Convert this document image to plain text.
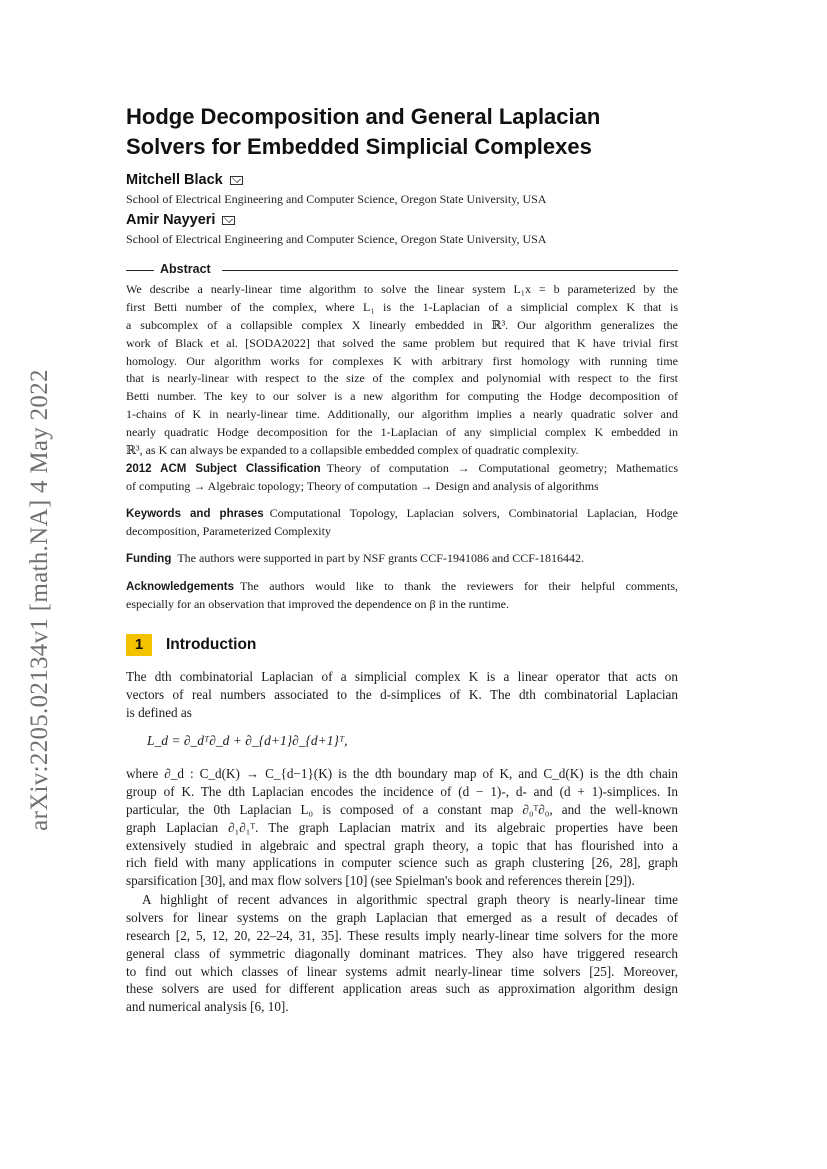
arXiv:2205.02134v1 [math.NA] 4 May 2022
Hodge Decomposition and General Laplacian
Solvers for Embedded Simplicial Complexes
Mitchell Black
School of Electrical Engineering and Computer Science, Oregon State University, USA
Amir Nayyeri
School of Electrical Engineering and Computer Science, Oregon State University, USA
Abstract
We describe a nearly-linear time algorithm to solve the linear system L₁x = b parameterized by the
first Betti number of the complex, where L₁ is the 1-Laplacian of a simplicial complex K that is
a subcomplex of a collapsible complex X linearly embedded in ℝ³. Our algorithm generalizes the
work of Black et al. [SODA2022] that solved the same problem but required that K have trivial first
homology. Our algorithm works for complexes K with arbitrary first homology with running time
that is nearly-linear with respect to the size of the complex and polynomial with respect to the first
Betti number. The key to our solver is a new algorithm for computing the Hodge decomposition of
1-chains of K in nearly-linear time. Additionally, our algorithm implies a nearly quadratic solver and
nearly quadratic Hodge decomposition for the 1-Laplacian of any simplicial complex K embedded in
ℝ³, as K can always be expanded to a collapsible embedded complex of quadratic complexity.
2012 ACM Subject Classification Theory of computation → Computational geometry; Mathematics
of computing → Algebraic topology; Theory of computation → Design and analysis of algorithms
Keywords and phrases Computational Topology, Laplacian solvers, Combinatorial Laplacian, Hodge
decomposition, Parameterized Complexity
Funding The authors were supported in part by NSF grants CCF-1941086 and CCF-1816442.
Acknowledgements The authors would like to thank the reviewers for their helpful comments,
especially for an observation that improved the dependence on β in the runtime.
1	Introduction
The dth combinatorial Laplacian of a simplicial complex K is a linear operator that acts on
vectors of real numbers associated to the d-simplices of K. The dth combinatorial Laplacian
is defined as
L_d = ∂_dᵀ∂_d + ∂_{d+1}∂_{d+1}ᵀ,
where ∂_d : C_d(K) → C_{d−1}(K) is the dth boundary map of K, and C_d(K) is the dth chain
group of K. The dth Laplacian encodes the incidence of (d − 1)-, d- and (d + 1)-simplices. In
particular, the 0th Laplacian L₀ is composed of a constant map ∂₀ᵀ∂₀, and the well-known
graph Laplacian ∂₁∂₁ᵀ. The graph Laplacian matrix and its algebraic properties have been
extensively studied in algebraic and spectral graph theory, a topic that has flourished into a
rich field with many applications in computer science such as graph clustering [26, 28], graph
sparsification [30], and max flow solvers [10] (see Spielman's book and references therein [29]).
A highlight of recent advances in algorithmic spectral graph theory is nearly-linear time
solvers for linear systems on the graph Laplacian that emerged as a result of decades of
research [2, 5, 12, 20, 22–24, 31, 35]. These results imply nearly-linear time solvers for the more
general class of symmetric diagonally dominant matrices. They also have triggered research
to find out which classes of linear systems admit nearly-linear time solvers [25]. Moreover,
these solvers are used for different application areas such as approximation algorithm design
and numerical analysis [6, 10].
